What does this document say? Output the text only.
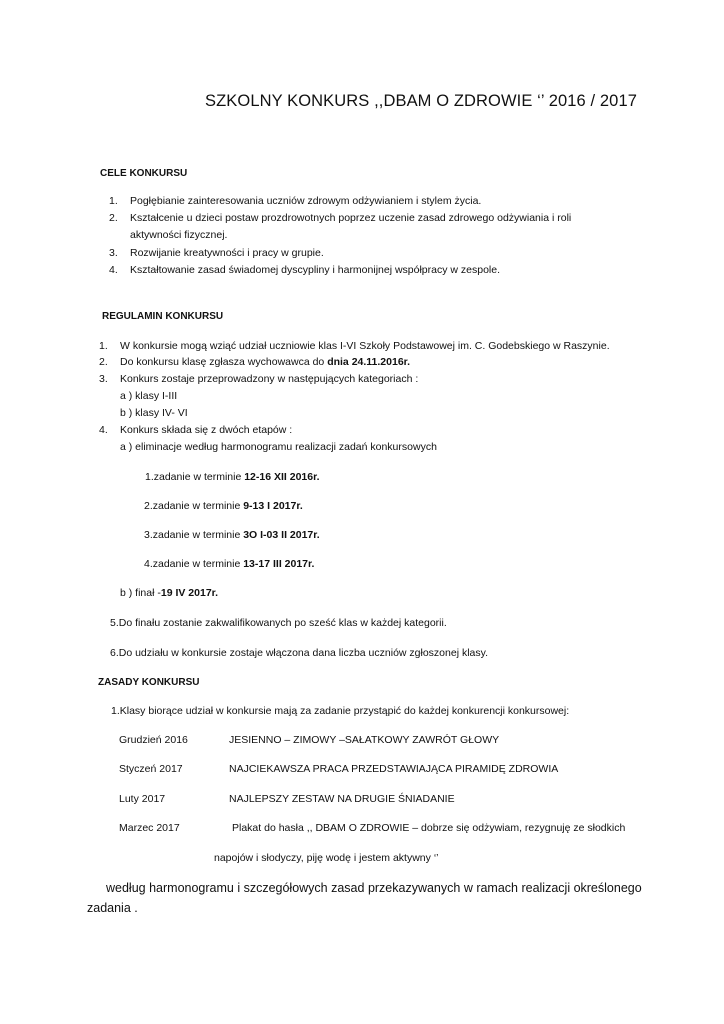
SZKOLNY KONKURS ,,DBAM O ZDROWIE ‘’ 2016 / 2017
CELE KONKURSU
1. Pogłębianie zainteresowania uczniów zdrowym odżywianiem i stylem życia.
2. Kształcenie u dzieci postaw prozdrowotnych poprzez uczenie zasad zdrowego odżywiania i roli
aktywności fizycznej.
3. Rozwijanie kreatywności i pracy w grupie.
4. Kształtowanie zasad świadomej dyscypliny i harmonijnej współpracy w zespole.
REGULAMIN KONKURSU
1. W konkursie mogą wziąć udział uczniowie klas I-VI Szkoły Podstawowej im. C. Godebskiego w Raszynie.
2. Do konkursu klasę zgłasza wychowawca do dnia 24.11.2016r.
3. Konkurs zostaje przeprowadzony w następujących kategoriach :
a ) klasy I-III
b ) klasy IV- VI
4. Konkurs składa się z dwóch etapów :
a ) eliminacje według harmonogramu realizacji zadań konkursowych
1.zadanie w terminie 12-16 XII 2016r.
2.zadanie w terminie 9-13 I 2017r.
3.zadanie w terminie 3O I-03 II 2017r.
4.zadanie w terminie 13-17 III 2017r.
b ) finał -19 IV 2017r.
5.Do finału zostanie zakwalifikowanych po sześć klas w każdej kategorii.
6.Do udziału w konkursie zostaje włączona dana liczba uczniów zgłoszonej klasy.
ZASADY KONKURSU
1.Klasy biorące udział w konkursie mają za zadanie przystąpić do każdej konkurencji konkursowej:
Grudzień 2016	JESIENNO – ZIMOWY –SAŁATKOWY ZAWRÓT GŁOWY
Styczeń 2017	NAJCIEKAWSZA PRACA PRZEDSTAWIAJĄCA PIRAMIDĘ ZDROWIA
Luty 2017	NAJLEPSZY ZESTAW NA DRUGIE ŚNIADANIE
Marzec 2017	Plakat do hasła ,, DBAM O ZDROWIE – dobrze się odżywiam, rezygnuję ze słodkich
napojów i słodyczy, piję wodę i jestem aktywny ‘’
według harmonogramu i szczegółowych zasad przekazywanych w ramach realizacji określonego
zadania .
